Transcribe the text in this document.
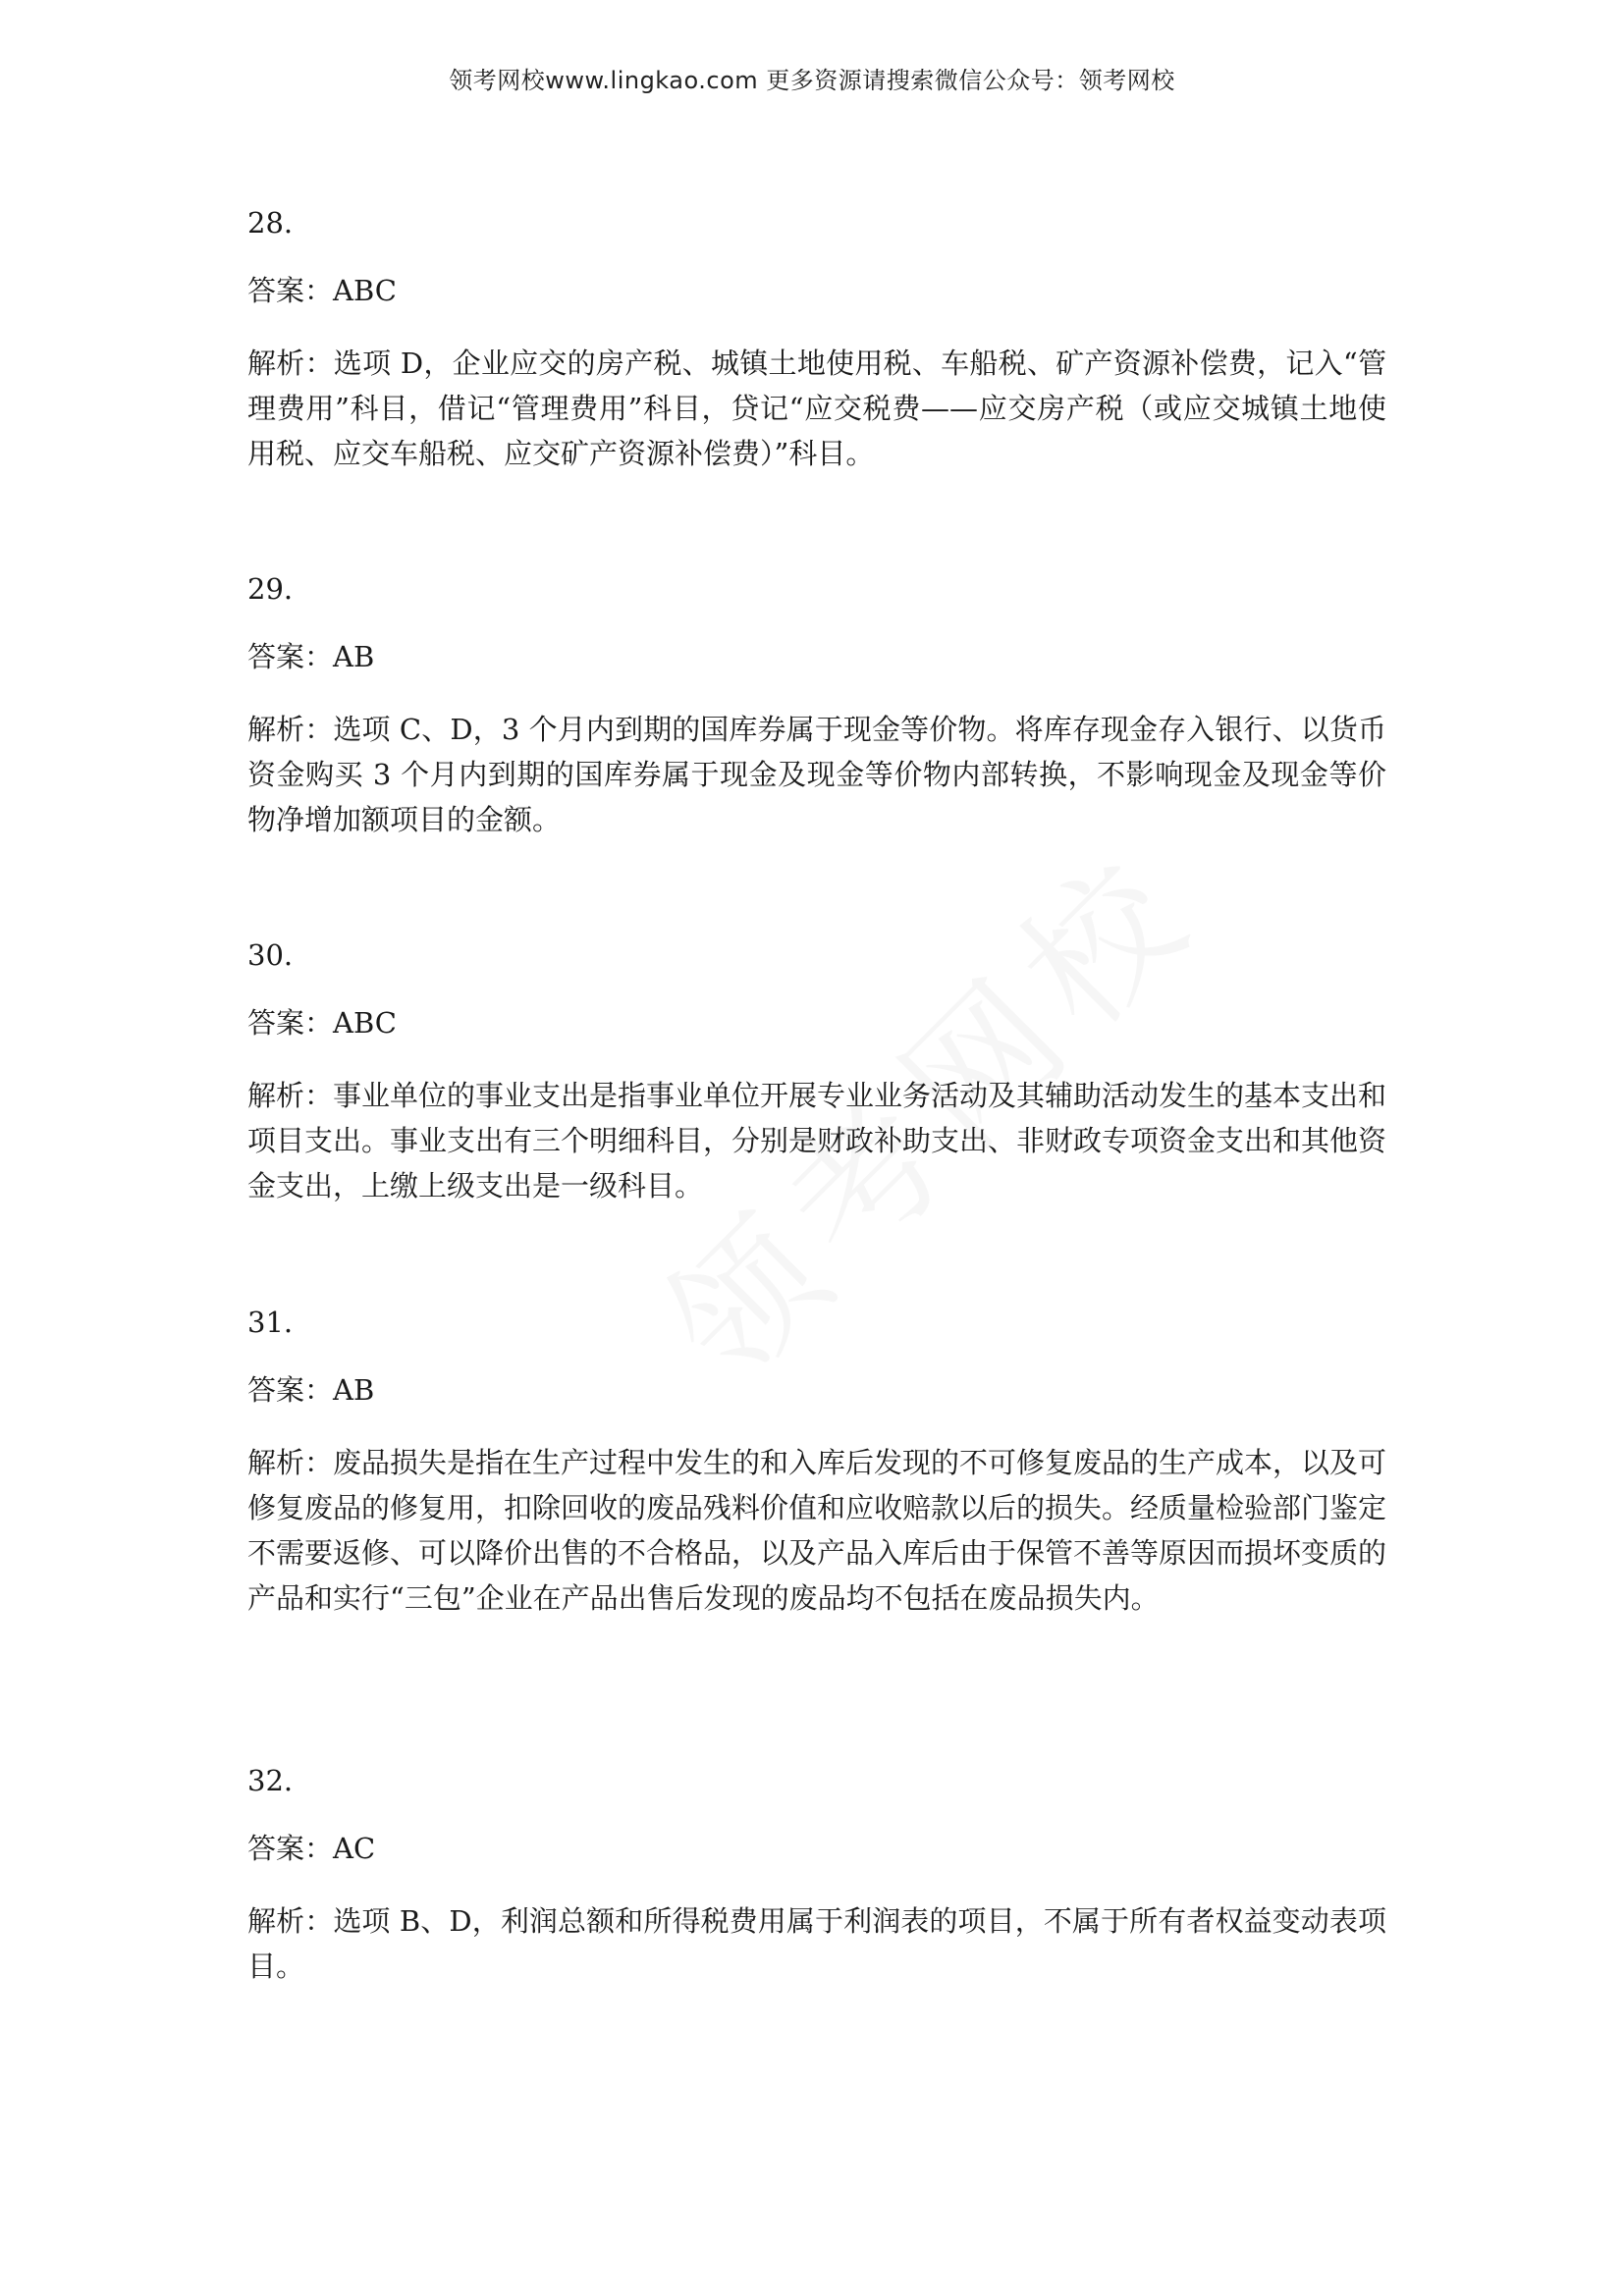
领考网校www.lingkao.com 更多资源请搜索微信公众号：领考网校

28.

答案：ABC

解析：选项 D，企业应交的房产税、城镇土地使用税、车船税、矿产资源补偿费，记入“管理费用”科目，借记“管理费用”科目，贷记“应交税费——应交房产税（或应交城镇土地使用税、应交车船税、应交矿产资源补偿费）”科目。

29.

答案：AB

解析：选项 C、D，3 个月内到期的国库券属于现金等价物。将库存现金存入银行、以货币资金购买 3 个月内到期的国库券属于现金及现金等价物内部转换，不影响现金及现金等价物净增加额项目的金额。

30.

答案：ABC

解析：事业单位的事业支出是指事业单位开展专业业务活动及其辅助活动发生的基本支出和项目支出。事业支出有三个明细科目，分别是财政补助支出、非财政专项资金支出和其他资金支出，上缴上级支出是一级科目。

31.

答案：AB

解析：废品损失是指在生产过程中发生的和入库后发现的不可修复废品的生产成本，以及可修复废品的修复用，扣除回收的废品残料价值和应收赔款以后的损失。经质量检验部门鉴定不需要返修、可以降价出售的不合格品，以及产品入库后由于保管不善等原因而损坏变质的产品和实行“三包”企业在产品出售后发现的废品均不包括在废品损失内。

32.

答案：AC

解析：选项 B、D，利润总额和所得税费用属于利润表的项目，不属于所有者权益变动表项目。
